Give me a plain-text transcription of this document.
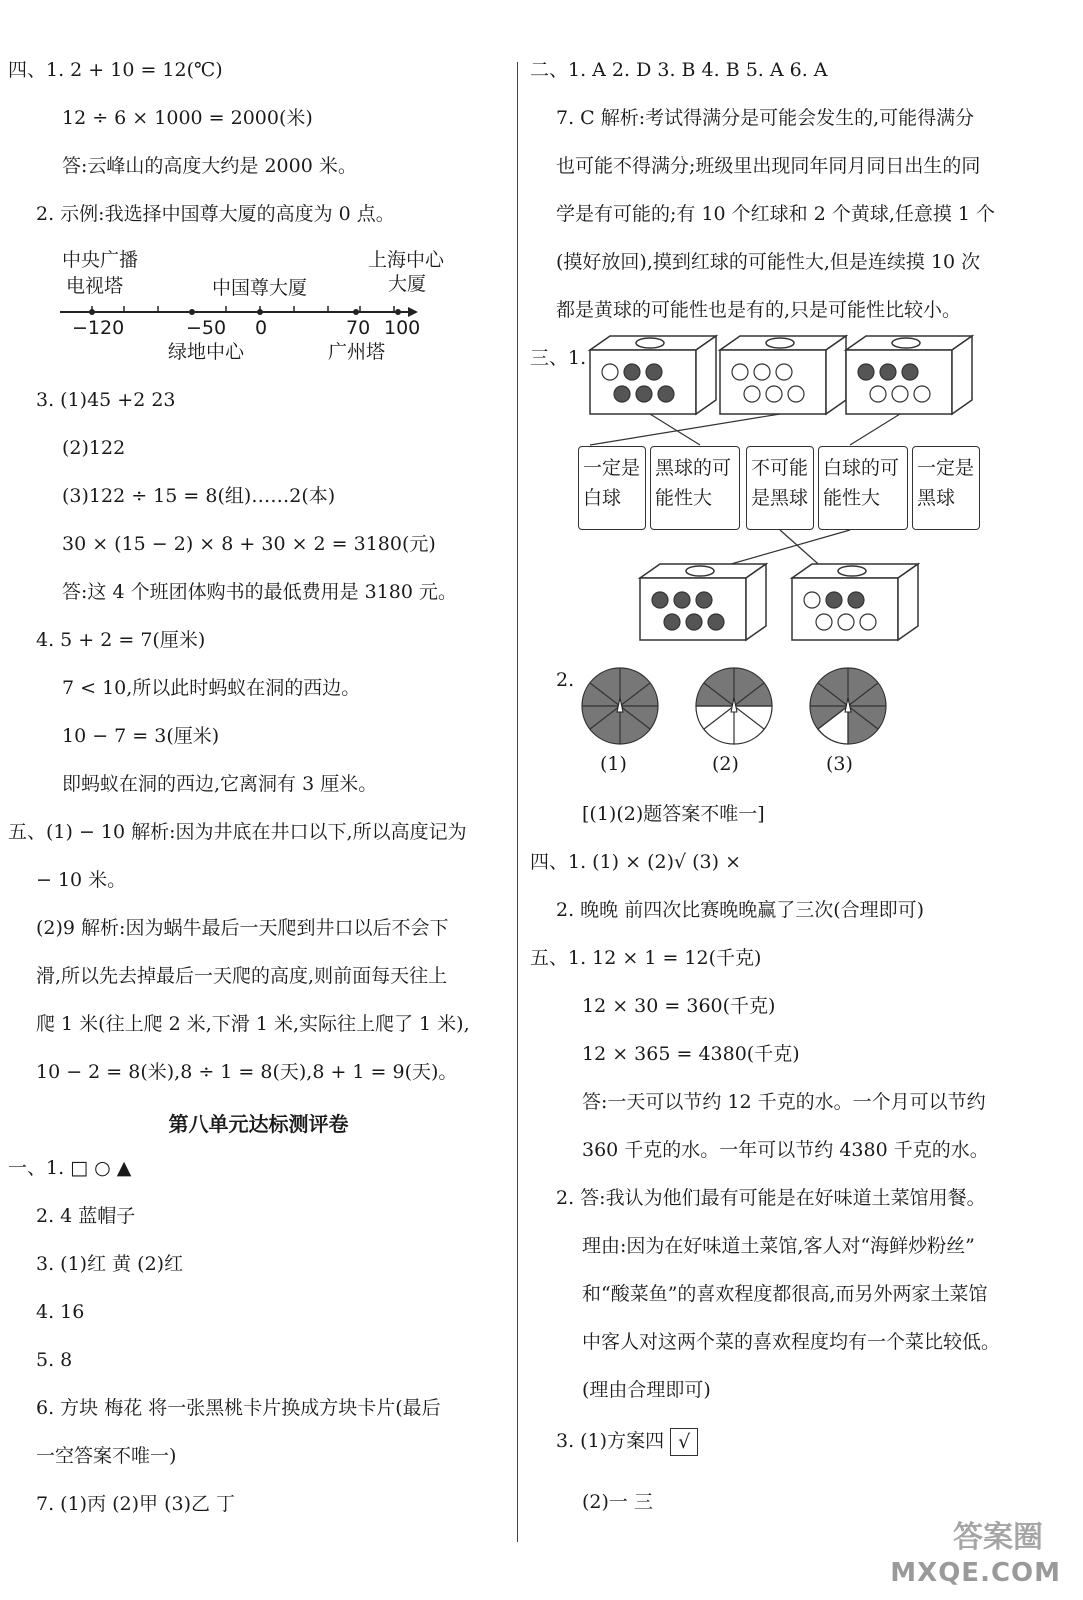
四、1. 2 + 10 = 12(℃)
12 ÷ 6 × 1000 = 2000(米)
答:云峰山的高度大约是 2000 米。
2. 示例:我选择中国尊大厦的高度为 0 点。
中央广播
电视塔	中国尊大厦
上海中心
大厦
−120	−50 0	70 100
绿地中心	广州塔
3. (1)45 +2 23
(2)122
(3)122 ÷ 15 = 8(组)……2(本)
30 × (15 − 2) × 8 + 30 × 2 = 3180(元)
答:这 4 个班团体购书的最低费用是 3180 元。
4. 5 + 2 = 7(厘米)
7 < 10,所以此时蚂蚁在洞的西边。
10 − 7 = 3(厘米)
即蚂蚁在洞的西边,它离洞有 3 厘米。
五、(1) − 10 解析:因为井底在井口以下,所以高度记为
− 10 米。
(2)9 解析:因为蜗牛最后一天爬到井口以后不会下
滑,所以先去掉最后一天爬的高度,则前面每天往上
爬 1 米(往上爬 2 米,下滑 1 米,实际往上爬了 1 米),
10 − 2 = 8(米),8 ÷ 1 = 8(天),8 + 1 = 9(天)。
第八单元达标测评卷
一、1. □ ○ ▲
2. 4 蓝帽子
3. (1)红 黄 (2)红
4. 16
5. 8
6. 方块 梅花 将一张黑桃卡片换成方块卡片(最后
一空答案不唯一)
7. (1)丙 (2)甲 (3)乙 丁
二、1. A 2. D 3. B 4. B 5. A 6. A
7. C 解析:考试得满分是可能会发生的,可能得满分
也可能不得满分;班级里出现同年同月同日出生的同
学是有可能的;有 10 个红球和 2 个黄球,任意摸 1 个
(摸好放回),摸到红球的可能性大,但是连续摸 10 次
都是黄球的可能性也是有的,只是可能性比较小。
三、1.
一定是白球
黑球的可能性大
不可能是黑球
白球的可能性大
一定是黑球
2.
(1)	(2)	(3)
[(1)(2)题答案不唯一]
四、1. (1) × (2)√ (3) ×
2. 晚晚 前四次比赛晚晚赢了三次(合理即可)
五、1. 12 × 1 = 12(千克)
12 × 30 = 360(千克)
12 × 365 = 4380(千克)
答:一天可以节约 12 千克的水。一个月可以节约
360 千克的水。一年可以节约 4380 千克的水。
2. 答:我认为他们最有可能是在好味道土菜馆用餐。
理由:因为在好味道土菜馆,客人对“海鲜炒粉丝”
和“酸菜鱼”的喜欢程度都很高,而另外两家土菜馆
中客人对这两个菜的喜欢程度均有一个菜比较低。
(理由合理即可)
3. (1)方案四 √
(2)一 三
答案圈
MXQE.COM
